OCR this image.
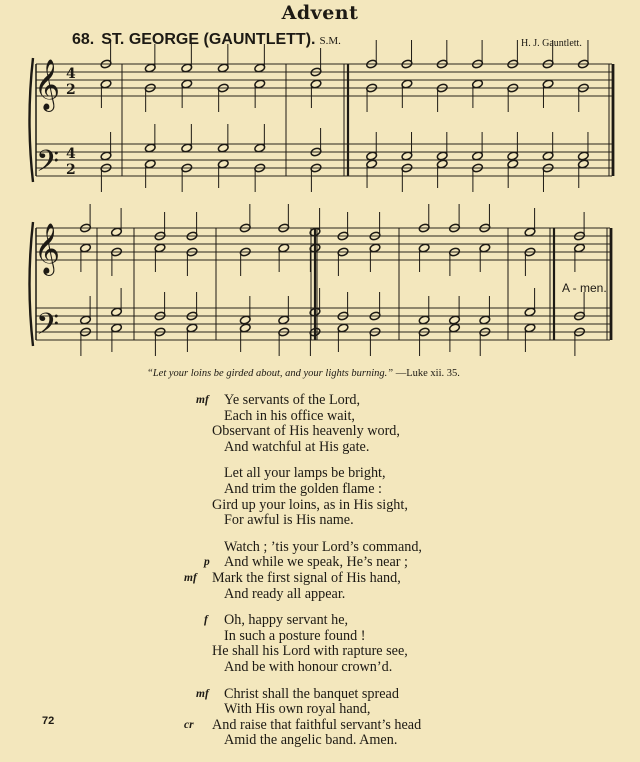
Advent
68. ST. GEORGE (GAUNTLETT). S.M.	H. J. Gauntlett.
𝄞
𝄢
𝄞
𝄢
4
2
4
2
A - men.
“Let your loins be girded about, and your lights burning.” —Luke xii. 35.
Ye servants of the Lord,
mf
Each in his office wait,
Observant of His heavenly word,
And watchful at His gate.
Let all your lamps be bright,
And trim the golden flame :
Gird up your loins, as in His sight,
For awful is His name.
Watch ; ’tis your Lord’s command,
And while we speak, He’s near ;
p
Mark the first signal of His hand,
mf
And ready all appear.
Oh, happy servant he,
f
In such a posture found !
He shall his Lord with rapture see,
And be with honour crown’d.
Christ shall the banquet spread
mf
With His own royal hand,
And raise that faithful servant’s head
cr
Amid the angelic band. Amen.
72
